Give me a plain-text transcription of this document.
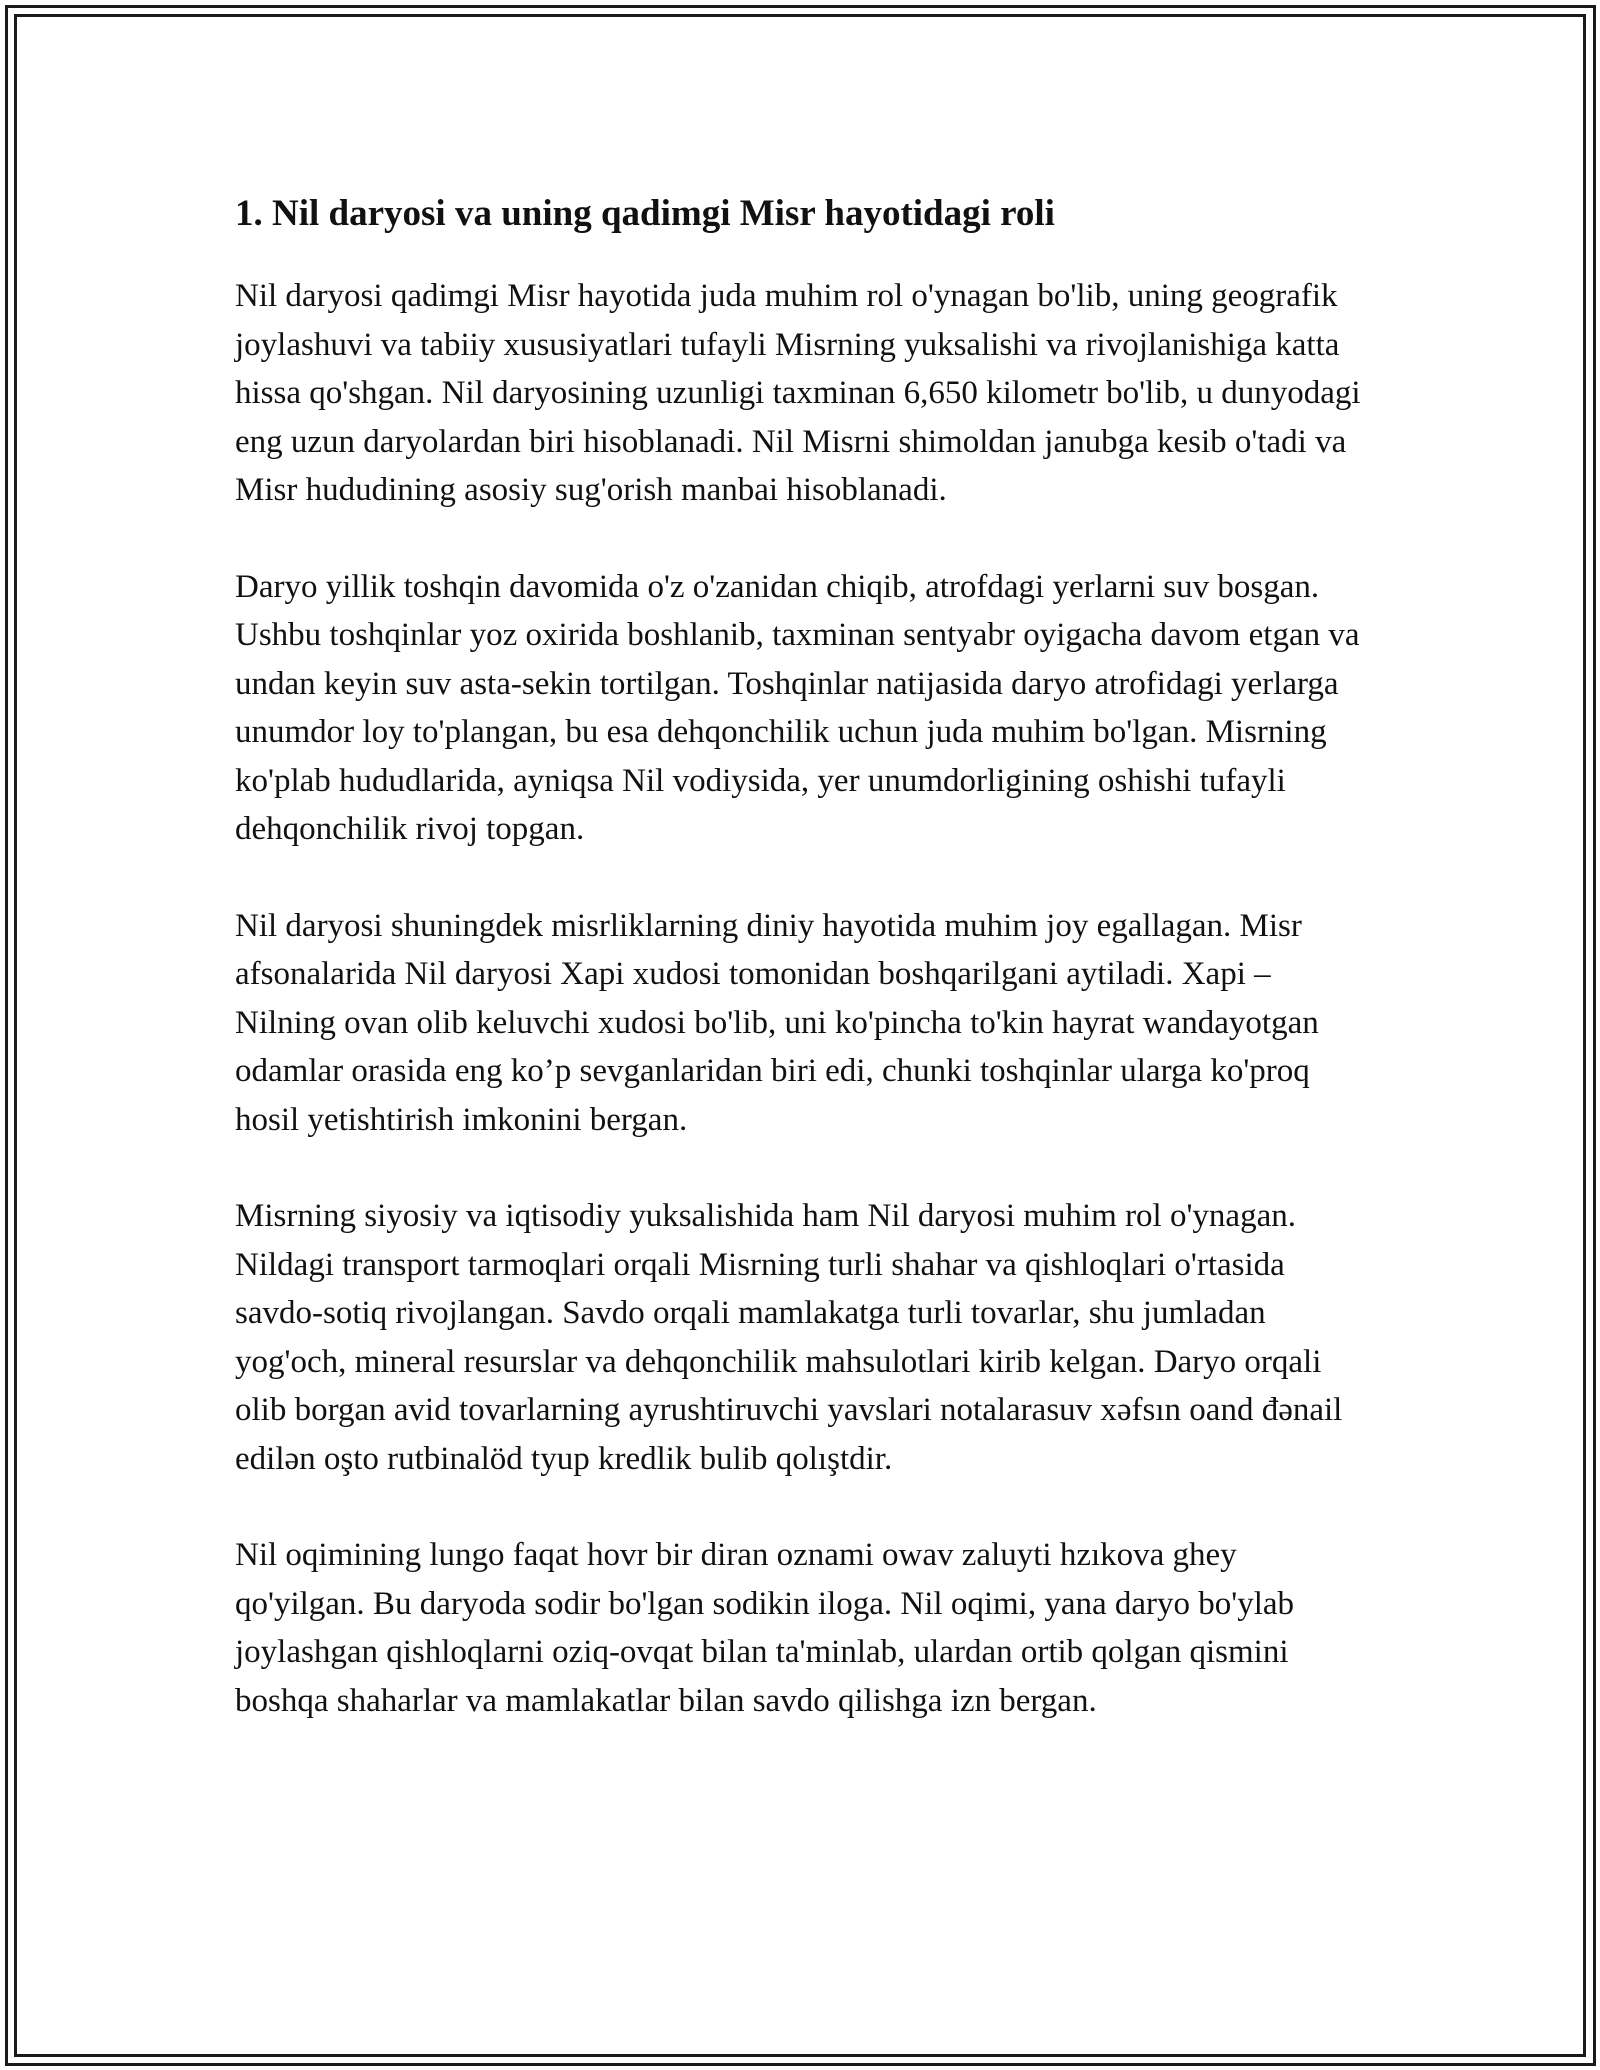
1. Nil daryosi va uning qadimgi Misr hayotidagi roli

Nil daryosi qadimgi Misr hayotida juda muhim rol o'ynagan bo'lib, uning geografik joylashuvi va tabiiy xususiyatlari tufayli Misrning yuksalishi va rivojlanishiga katta hissa qo'shgan. Nil daryosining uzunligi taxminan 6,650 kilometr bo'lib, u dunyodagi eng uzun daryolardan biri hisoblanadi. Nil Misrni shimoldan janubga kesib o'tadi va Misr hududining asosiy sug'orish manbai hisoblanadi.

Daryo yillik toshqin davomida o'z o'zanidan chiqib, atrofdagi yerlarni suv bosgan. Ushbu toshqinlar yoz oxirida boshlanib, taxminan sentyabr oyigacha davom etgan va undan keyin suv asta-sekin tortilgan. Toshqinlar natijasida daryo atrofidagi yerlarga unumdor loy to'plangan, bu esa dehqonchilik uchun juda muhim bo'lgan. Misrning ko'plab hududlarida, ayniqsa Nil vodiysida, yer unumdorligining oshishi tufayli dehqonchilik rivoj topgan.

Nil daryosi shuningdek misrliklarning diniy hayotida muhim joy egallagan. Misr afsonalarida Nil daryosi Xapi xudosi tomonidan boshqarilgani aytiladi. Xapi – Nilning ovan olib keluvchi xudosi bo'lib, uni ko'pincha to'kin hayrat wandayotgan odamlar orasida eng ko’p sevganlaridan biri edi, chunki toshqinlar ularga ko'proq hosil yetishtirish imkonini bergan.

Misrning siyosiy va iqtisodiy yuksalishida ham Nil daryosi muhim rol o'ynagan. Nildagi transport tarmoqlari orqali Misrning turli shahar va qishloqlari o'rtasida savdo-sotiq rivojlangan. Savdo orqali mamlakatga turli tovarlar, shu jumladan yog'och, mineral resurslar va dehqonchilik mahsulotlari kirib kelgan. Daryo orqali olib borgan avid tovarlarning ayrushtiruvchi yavslari notalarasuv xəfsın oand đənail edilən oşto rutbinalöd tyup kredlik bulib qolıştdir.

Nil oqimining lungo faqat hovr bir diran oznami owav zaluyti hzıkova ghey qo'yilgan. Bu daryoda sodir bo'lgan sodikin iloga. Nil oqimi, yana daryo bo'ylab joylashgan qishloqlarni oziq-ovqat bilan ta'minlab, ulardan ortib qolgan qismini boshqa shaharlar va mamlakatlar bilan savdo qilishga izn bergan.
